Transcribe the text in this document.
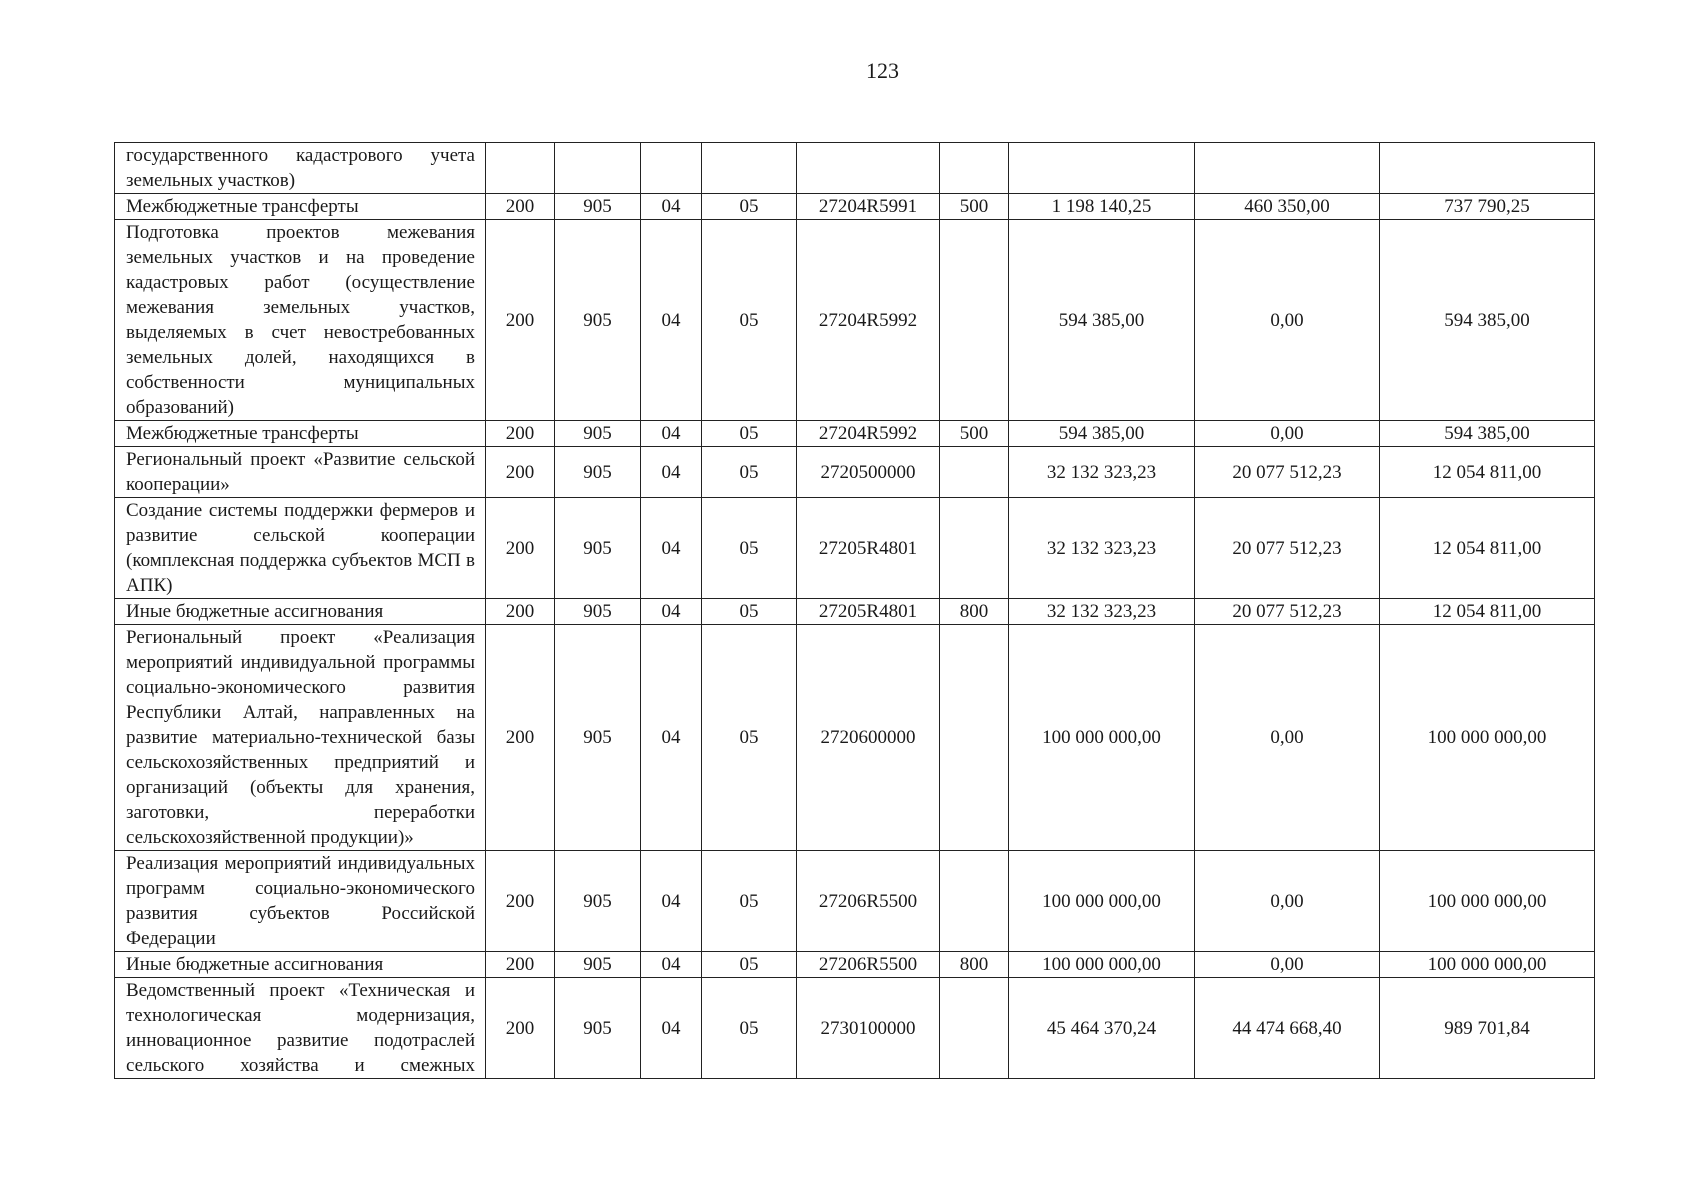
123
государственного кадастрового учета земельных участков)									
Межбюджетные трансферты	200	905	04	05	27204R5991	500	1 198 140,25	460 350,00	737 790,25
Подготовка проектов межевания земельных участков и на проведение кадастровых работ (осуществление межевания земельных участков, выделяемых в счет невостребованных земельных долей, находящихся в собственности муниципальных образований)	200	905	04	05	27204R5992		594 385,00	0,00	594 385,00
Межбюджетные трансферты	200	905	04	05	27204R5992	500	594 385,00	0,00	594 385,00
Региональный проект «Развитие сельской кооперации»	200	905	04	05	2720500000		32 132 323,23	20 077 512,23	12 054 811,00
Создание системы поддержки фермеров и развитие сельской кооперации (комплексная поддержка субъектов МСП в АПК)	200	905	04	05	27205R4801		32 132 323,23	20 077 512,23	12 054 811,00
Иные бюджетные ассигнования	200	905	04	05	27205R4801	800	32 132 323,23	20 077 512,23	12 054 811,00
Региональный проект «Реализация мероприятий индивидуальной программы социально-экономического развития Республики Алтай, направленных на развитие материально-технической базы сельскохозяйственных предприятий и организаций (объекты для хранения, заготовки, переработки сельскохозяйственной продукции)»	200	905	04	05	2720600000		100 000 000,00	0,00	100 000 000,00
Реализация мероприятий индивидуальных программ социально-экономического развития субъектов Российской Федерации	200	905	04	05	27206R5500		100 000 000,00	0,00	100 000 000,00
Иные бюджетные ассигнования	200	905	04	05	27206R5500	800	100 000 000,00	0,00	100 000 000,00
Ведомственный проект «Техническая и технологическая модернизация, инновационное развитие подотраслей сельского хозяйства и смежных	200	905	04	05	2730100000		45 464 370,24	44 474 668,40	989 701,84
